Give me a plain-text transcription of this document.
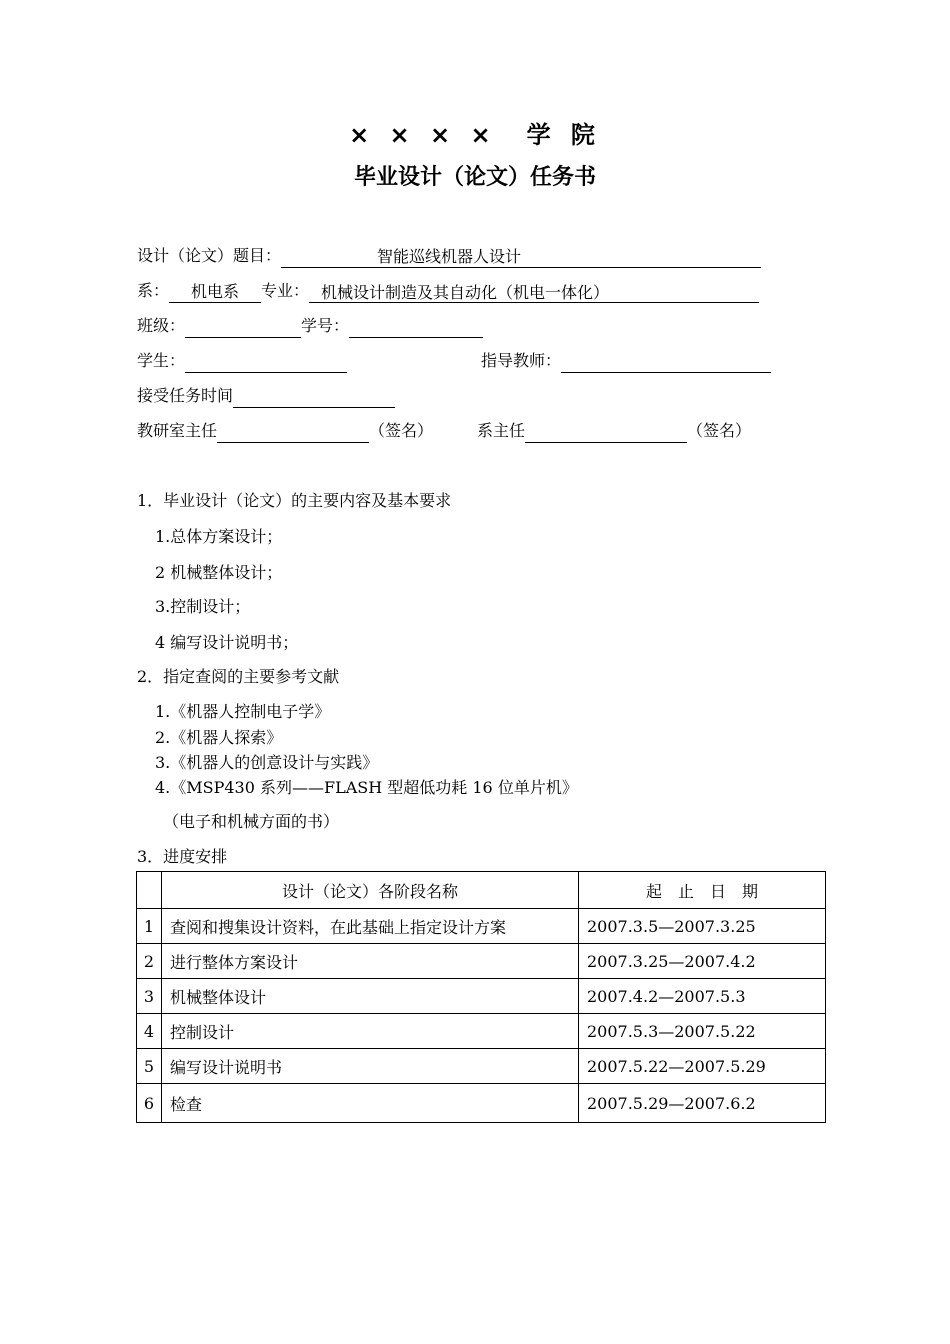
× × × ×　学 院
毕业设计（论文）任务书
设计（论文）题目：	智能巡线机器人设计
系： 机电系 专业： 机械设计制造及其自动化（机电一体化）
班级：	学号：
学生：	指导教师：
接受任务时间
教研室主任	（签名）	系主任	（签名）
1．毕业设计（论文）的主要内容及基本要求
1.总体方案设计；
2 机械整体设计；
3.控制设计；
4 编写设计说明书；
2．指定查阅的主要参考文献
1.《机器人控制电子学》
2.《机器人探索》
3.《机器人的创意设计与实践》
4.《MSP430 系列——FLASH 型超低功耗 16 位单片机》
（电子和机械方面的书）
3．进度安排
	设计（论文）各阶段名称	起　止　日　期
1	查阅和搜集设计资料，在此基础上指定设计方案	2007.3.5—2007.3.25
2	进行整体方案设计	2007.3.25—2007.4.2
3	机械整体设计	2007.4.2—2007.5.3
4	控制设计	2007.5.3—2007.5.22
5	编写设计说明书	2007.5.22—2007.5.29
6	检查	2007.5.29—2007.6.2
